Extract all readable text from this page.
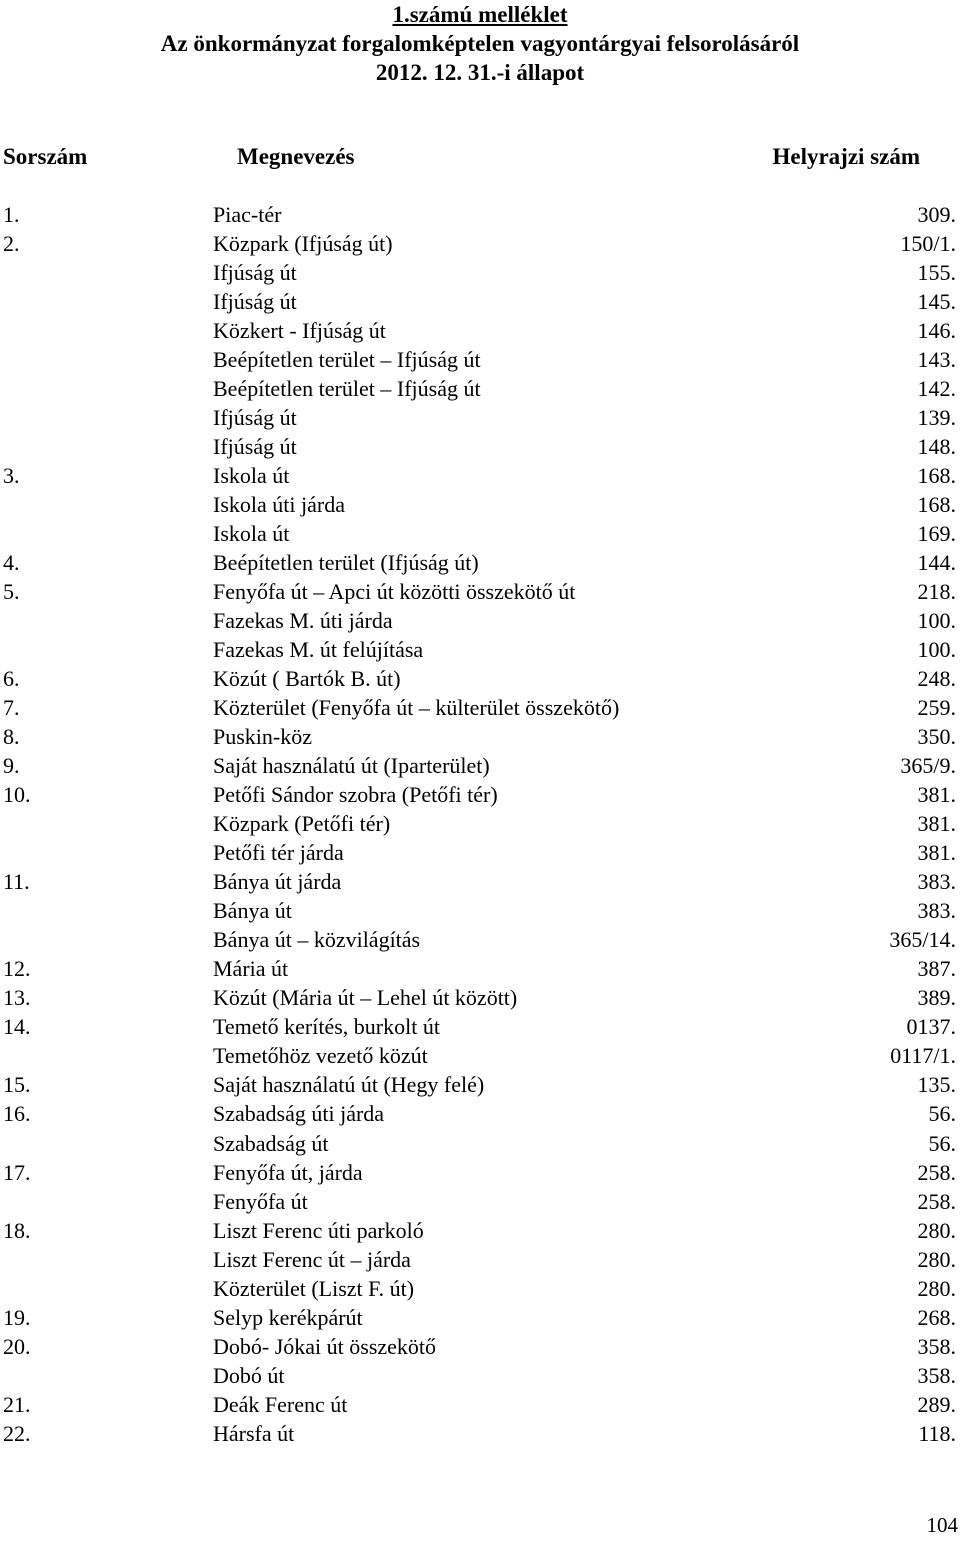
1.számú melléklet
Az önkormányzat forgalomképtelen vagyontárgyai felsorolásáról
2012. 12. 31.-i állapot
Sorszám	Megnevezés	Helyrajzi szám
1.	Piac-tér	309.
2.	Közpark (Ifjúság út)	150/1.
Ifjúság út	155.
Ifjúság út	145.
Közkert - Ifjúság út	146.
Beépítetlen terület – Ifjúság út	143.
Beépítetlen terület – Ifjúság út	142.
Ifjúság út	139.
Ifjúság út	148.
3.	Iskola út	168.
Iskola úti járda	168.
Iskola út	169.
4.	Beépítetlen terület (Ifjúság út)	144.
5.	Fenyőfa út – Apci út közötti összekötő út	218.
Fazekas M. úti járda	100.
Fazekas M. út felújítása	100.
6.	Közút ( Bartók B. út)	248.
7.	Közterület (Fenyőfa út – külterület összekötő)	259.
8.	Puskin-köz	350.
9.	Saját használatú út (Iparterület)	365/9.
10.	Petőfi Sándor szobra (Petőfi tér)	381.
Közpark (Petőfi tér)	381.
Petőfi tér járda	381.
11.	Bánya út járda	383.
Bánya út	383.
Bánya út – közvilágítás	365/14.
12.	Mária út	387.
13.	Közút (Mária út – Lehel út között)	389.
14.	Temető kerítés, burkolt út	0137.
Temetőhöz vezető közút	0117/1.
15.	Saját használatú út (Hegy felé)	135.
16.	Szabadság úti járda	56.
Szabadság út	56.
17.	Fenyőfa út, járda	258.
Fenyőfa út	258.
18.	Liszt Ferenc úti parkoló	280.
Liszt Ferenc út – járda	280.
Közterület (Liszt F. út)	280.
19.	Selyp kerékpárút	268.
20.	Dobó- Jókai út összekötő	358.
Dobó út	358.
21.	Deák Ferenc út	289.
22.	Hársfa út	118.
104
